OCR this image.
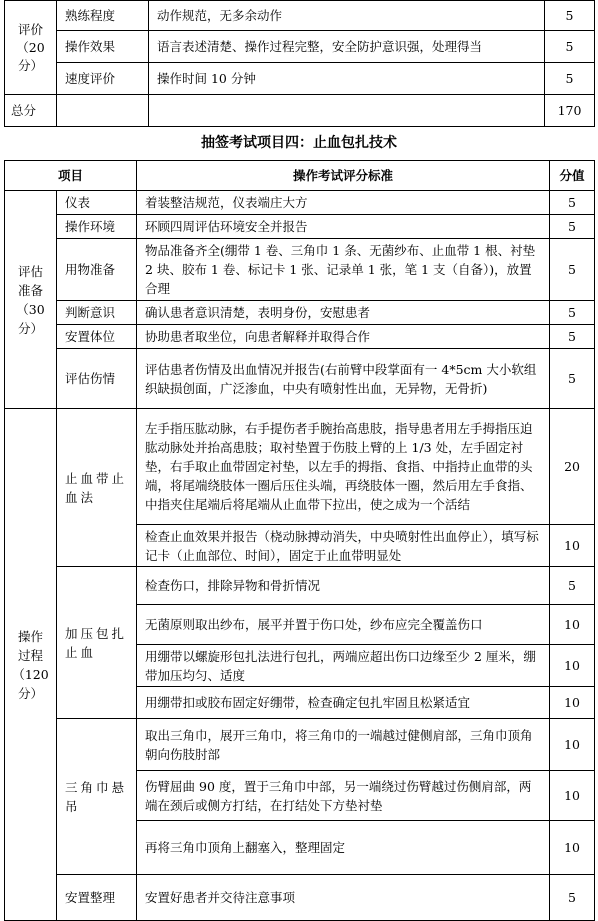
评价
（20
分）	熟练程度	动作规范，无多余动作	5
	操作效果	语言表述清楚、操作过程完整，安全防护意识强，处理得当	5
	速度评价	操作时间 10 分钟	5
总分			170
抽签考试项目四：止血包扎技术
项目		操作考试评分标准	分值
评估
准备
（30
分）	仪表	着装整洁规范，仪表端庄大方	5
	操作环境	环顾四周评估环境安全并报告	5
	用物准备	物品准备齐全(绷带 1 卷、三角巾 1 条、无菌纱布、止血带 1 根、衬垫 2 块、胶布 1 卷、标记卡 1 张、记录单 1 张，笔 1 支（自备）)，放置合理	5
	判断意识	确认患者意识清楚，表明身份，安慰患者	5
	安置体位	协助患者取坐位，向患者解释并取得合作	5
	评估伤情	评估患者伤情及出血情况并报告(右前臂中段掌面有一 4*5cm 大小软组织缺损创面，广泛渗血，中央有喷射性出血，无异物，无骨折)	5
操作
过程
（120
分）	止血带止血法	左手指压肱动脉，右手提伤者手腕抬高患肢，指导患者用左手拇指压迫肱动脉处并抬高患肢；取衬垫置于伤肢上臂的上 1/3 处，左手固定衬垫，右手取止血带固定衬垫，以左手的拇指、食指、中指持止血带的头端，将尾端绕肢体一圈后压住头端，再绕肢体一圈，然后用左手食指、中指夹住尾端后将尾端从止血带下拉出，使之成为一个活结	20
		检查止血效果并报告（桡动脉搏动消失，中央喷射性出血停止），填写标记卡（止血部位、时间），固定于止血带明显处	10
	加压包扎止血	检查伤口，排除异物和骨折情况	5
		无菌原则取出纱布，展平并置于伤口处，纱布应完全覆盖伤口	10
		用绷带以螺旋形包扎法进行包扎，两端应超出伤口边缘至少 2 厘米，绷带加压均匀、适度	10
		用绷带扣或胶布固定好绷带，检查确定包扎牢固且松紧适宜	10
	三角巾悬吊	取出三角巾，展开三角巾，将三角巾的一端越过健侧肩部，三角巾顶角朝向伤肢肘部	10
		伤臂屈曲 90 度，置于三角巾中部，另一端绕过伤臂越过伤侧肩部，两端在颈后或侧方打结，在打结处下方垫衬垫	10
		再将三角巾顶角上翻塞入，整理固定	10
	安置整理	安置好患者并交待注意事项	5
